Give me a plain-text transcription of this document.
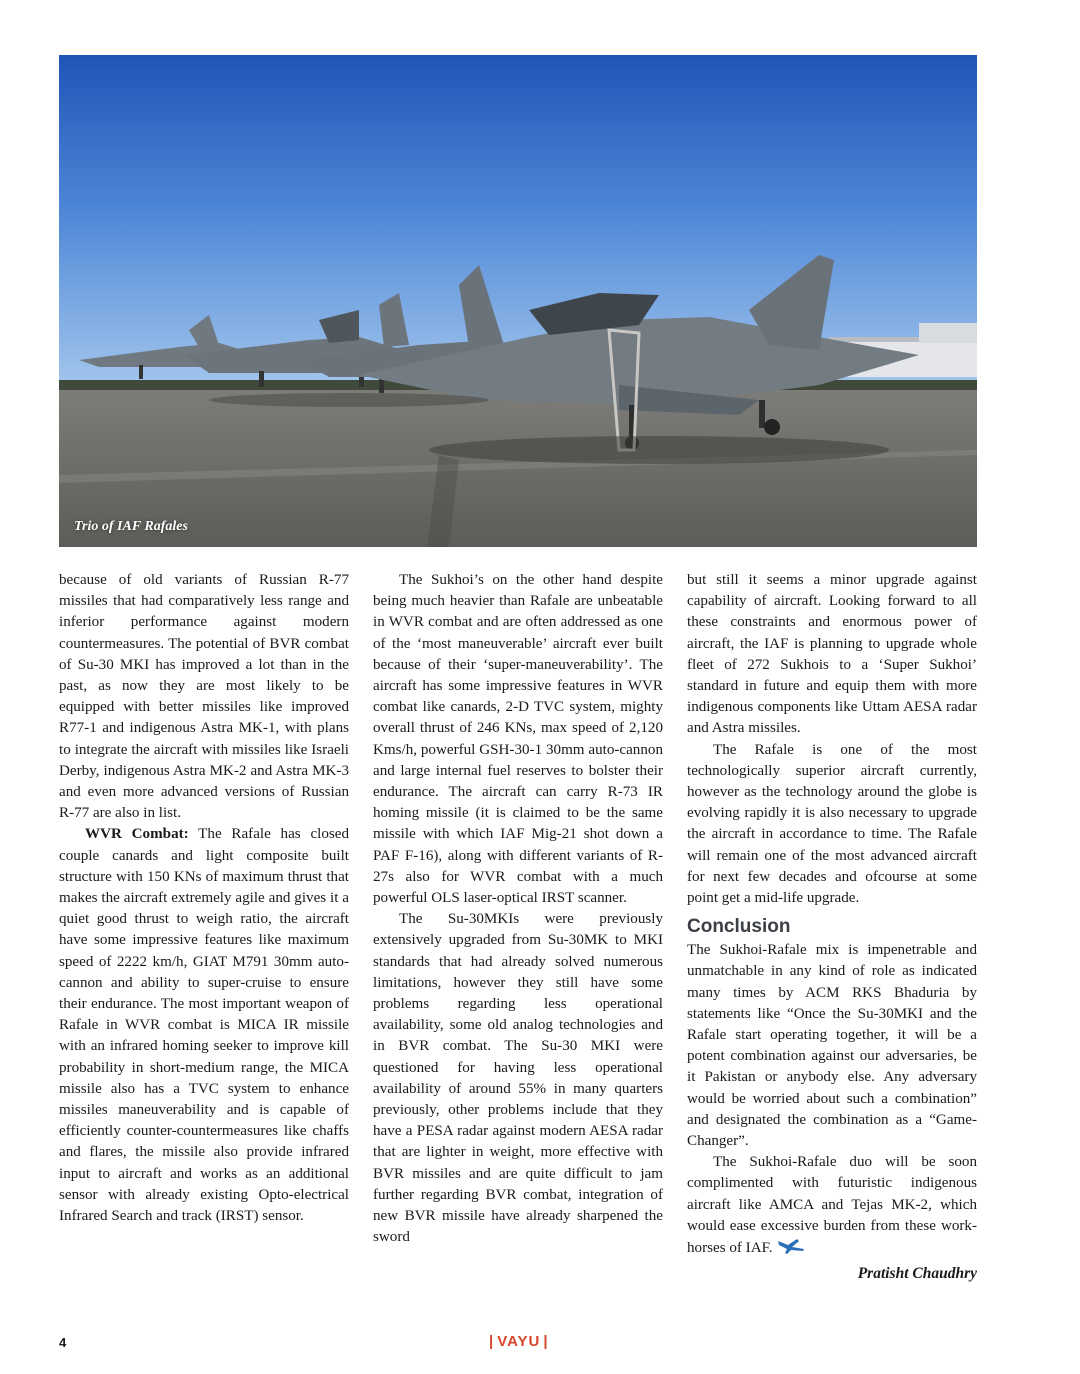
Trio of IAF Rafales

because of old variants of Russian R-77 missiles that had comparatively less range and inferior performance against modern countermeasures. The potential of BVR combat of Su-30 MKI has improved a lot than in the past, as now they are most likely to be equipped with better missiles like improved R77-1 and indigenous Astra MK-1, with plans to integrate the aircraft with missiles like Israeli Derby, indigenous Astra MK-2 and Astra MK-3 and even more advanced versions of Russian R-77 are also in list.

WVR Combat: The Rafale has closed couple canards and light composite built structure with 150 KNs of maximum thrust that makes the aircraft extremely agile and gives it a quiet good thrust to weigh ratio, the aircraft have some impressive features like maximum speed of 2222 km/h, GIAT M791 30mm auto-cannon and ability to super-cruise to ensure their endurance. The most important weapon of Rafale in WVR combat is MICA IR missile with an infrared homing seeker to improve kill probability in short-medium range, the MICA missile also has a TVC system to enhance missiles maneuverability and is capable of efficiently counter-countermeasures like chaffs and flares, the missile also provide infrared input to aircraft and works as an additional sensor with already existing Opto-electrical Infrared Search and track (IRST) sensor.

The Sukhoi’s on the other hand despite being much heavier than Rafale are unbeatable in WVR combat and are often addressed as one of the ‘most maneuverable’ aircraft ever built because of their ‘super-maneuverability’. The aircraft has some impressive features in WVR combat like canards, 2-D TVC system, mighty overall thrust of 246 KNs, max speed of 2,120 Kms/h, powerful GSH-30-1 30mm auto-cannon and large internal fuel reserves to bolster their endurance. The aircraft can carry R-73 IR homing missile (it is claimed to be the same missile with which IAF Mig-21 shot down a PAF F-16), along with different variants of R-27s also for WVR combat with a much powerful OLS laser-optical IRST scanner.

The Su-30MKIs were previously extensively upgraded from Su-30MK to MKI standards that had already solved numerous limitations, however they still have some problems regarding less operational availability, some old analog technologies and in BVR combat. The Su-30 MKI were questioned for having less operational availability of around 55% in many quarters previously, other problems include that they have a PESA radar against modern AESA radar that are lighter in weight, more effective with BVR missiles and are quite difficult to jam further regarding BVR combat, integration of new BVR missile have already sharpened the sword

but still it seems a minor upgrade against capability of aircraft. Looking forward to all these constraints and enormous power of aircraft, the IAF is planning to upgrade whole fleet of 272 Sukhois to a ‘Super Sukhoi’ standard in future and equip them with more indigenous components like Uttam AESA radar and Astra missiles.

The Rafale is one of the most technologically superior aircraft currently, however as the technology around the globe is evolving rapidly it is also necessary to upgrade the aircraft in accordance to time. The Rafale will remain one of the most advanced aircraft for next few decades and ofcourse at some point get a mid-life upgrade.

Conclusion

The Sukhoi-Rafale mix is impenetrable and unmatchable in any kind of role as indicated many times by ACM RKS Bhaduria by statements like “Once the Su-30MKI and the Rafale start operating together, it will be a potent combination against our adversaries, be it Pakistan or anybody else. Any adversary would be worried about such a combination” and designated the combination as a “Game-Changer”.

The Sukhoi-Rafale duo will be soon complimented with futuristic indigenous aircraft like AMCA and Tejas MK-2, which would ease excessive burden from these work-horses of IAF.

Pratisht Chaudhry
4	| VAYU |
